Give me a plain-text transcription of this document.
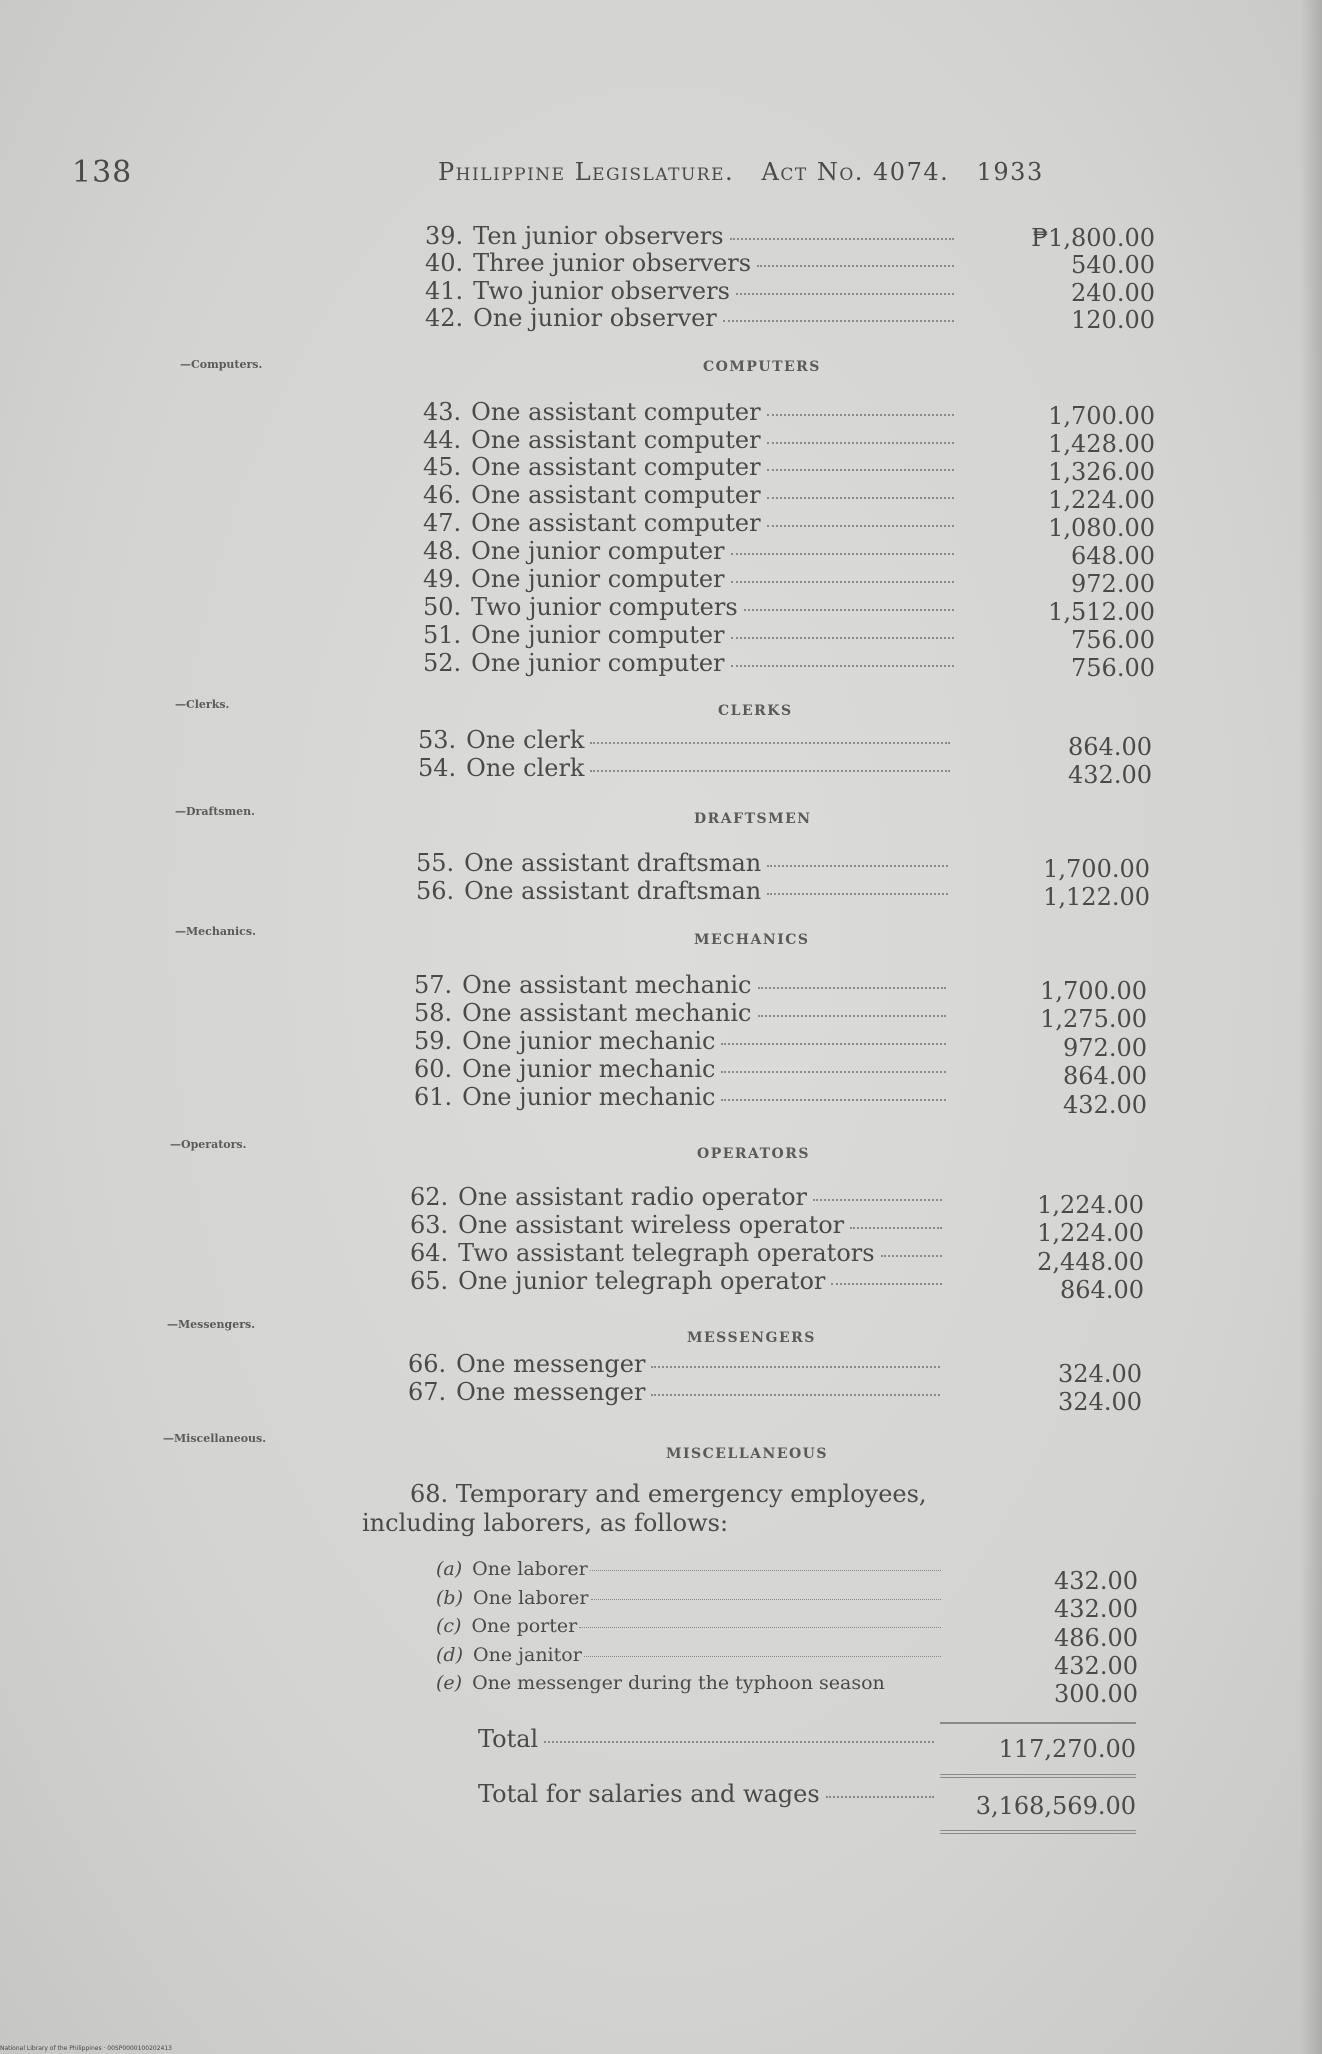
138	Philippine Legislature. Act No. 4074. 1933
—Computers.
—Clerks.
—Draftsmen.
—Mechanics.
—Operators.
—Messengers.
—Miscellaneous.
COMPUTERS
CLERKS
DRAFTSMEN
MECHANICS
OPERATORS
MESSENGERS
MISCELLANEOUS
39. Ten junior observers	₱1,800.00
40. Three junior observers	540.00
41. Two junior observers	240.00
42. One junior observer	120.00
43. One assistant computer	1,700.00
44. One assistant computer	1,428.00
45. One assistant computer	1,326.00
46. One assistant computer	1,224.00
47. One assistant computer	1,080.00
48. One junior computer	648.00
49. One junior computer	972.00
50. Two junior computers	1,512.00
51. One junior computer	756.00
52. One junior computer	756.00
53. One clerk	864.00
54. One clerk	432.00
55. One assistant draftsman	1,700.00
56. One assistant draftsman	1,122.00
57. One assistant mechanic	1,700.00
58. One assistant mechanic	1,275.00
59. One junior mechanic	972.00
60. One junior mechanic	864.00
61. One junior mechanic	432.00
62. One assistant radio operator	1,224.00
63. One assistant wireless operator	1,224.00
64. Two assistant telegraph operators	2,448.00
65. One junior telegraph operator	864.00
66. One messenger	324.00
67. One messenger	324.00
68. Temporary and emergency employees,
including laborers, as follows:
(a) One laborer	432.00
(b) One laborer	432.00
(c) One porter	486.00
(d) One janitor	432.00
(e) One messenger during the typhoon season	300.00
Total	117,270.00
Total for salaries and wages	3,168,569.00
National Library of the Philippines · 00SP0000100202413
